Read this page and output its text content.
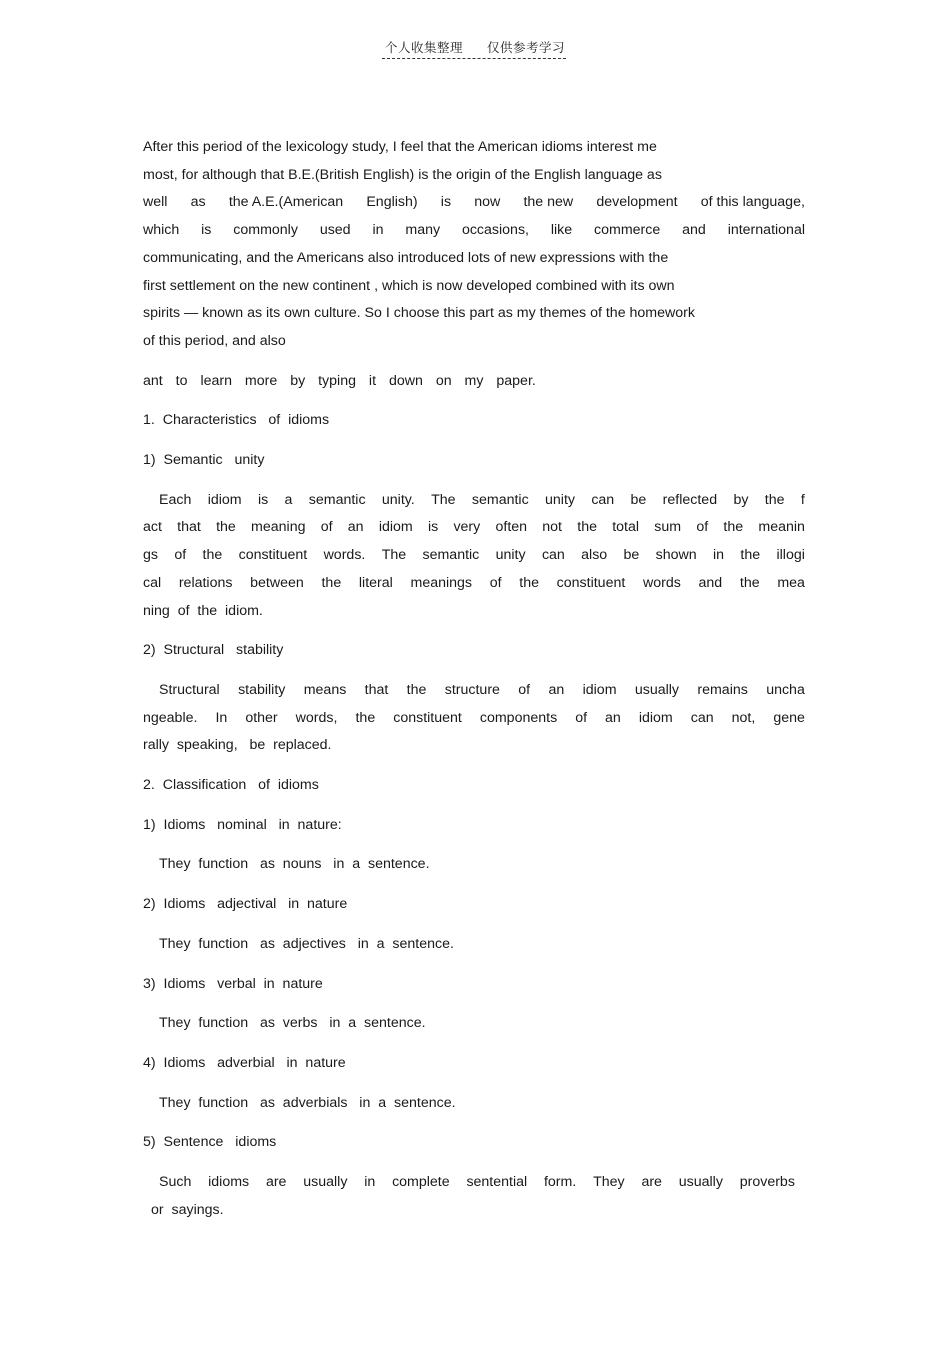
个人收集整理 仅供参考学习
After this period of the lexicology study, I feel that the American idioms interest me
most, for although that B.E.(British English) is the origin of the English language as
well as the A.E.(American English) is now the new development of this language,
which is commonly used in many occasions, like commerce and international
communicating, and the Americans also introduced lots of new expressions with the
first settlement on the new continent , which is now developed combined with its own
spirits — known as its own culture. So I choose this part as my themes of the homework
of this period, and also
ant to learn more by typing it down on my paper.
1.  Characteristics   of  idioms
1)  Semantic   unity
Each idiom is a semantic unity. The semantic unity can be reflected by the f
act that the meaning of an idiom is very often not the total sum of the meanin
gs of the constituent words. The semantic unity can also be shown in the illogi
cal relations between the literal meanings of the constituent words and the mea
ning  of  the  idiom.
2)  Structural   stability
Structural stability means that the structure of an idiom usually remains uncha
ngeable. In other words, the constituent components of an idiom can not, gene
rally  speaking,   be  replaced.
2.  Classification   of  idioms
1)  Idioms   nominal   in  nature:
They  function   as  nouns   in  a  sentence.
2)  Idioms   adjectival   in  nature
They  function   as  adjectives   in  a  sentence.
3)  Idioms   verbal  in  nature
They  function   as  verbs   in  a  sentence.
4)  Idioms   adverbial   in  nature
They  function   as  adverbials   in  a  sentence.
5)  Sentence   idioms
Such idioms are usually in complete sentential form. They are usually proverbs
or  sayings.
